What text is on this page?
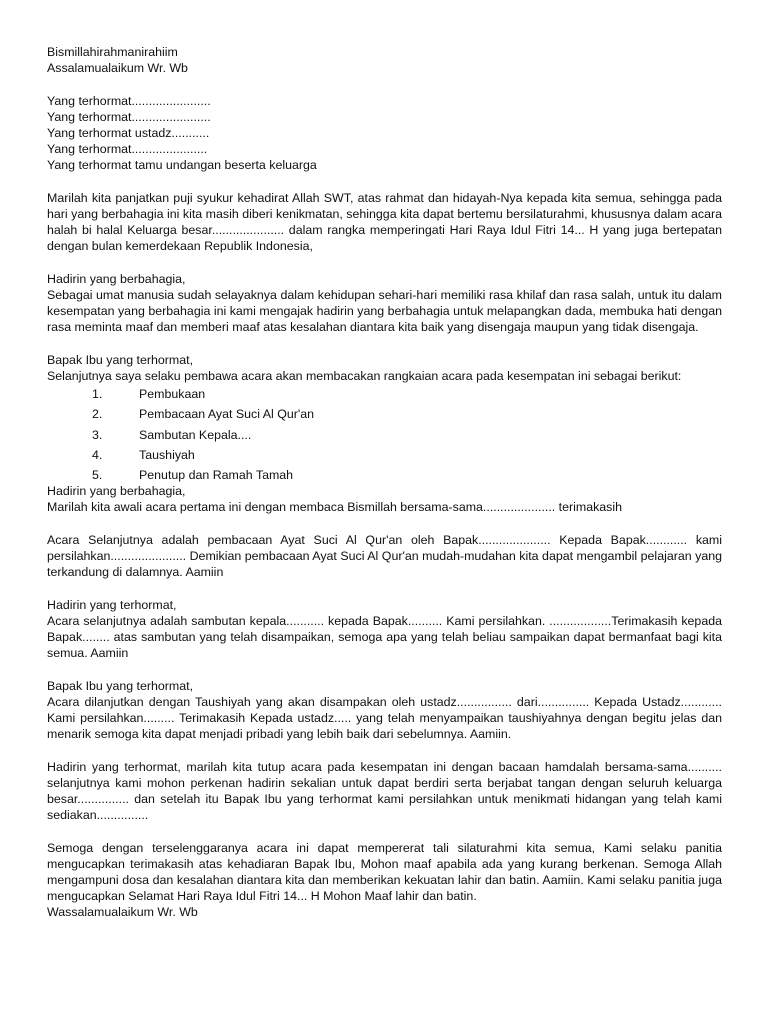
Bismillahirahmanirahiim

Assalamualaikum Wr. Wb

Yang terhormat.......................

Yang terhormat.......................

Yang terhormat ustadz...........

Yang terhormat......................

Yang terhormat tamu undangan beserta keluarga

Marilah kita panjatkan puji syukur kehadirat Allah SWT, atas rahmat dan hidayah-Nya kepada kita semua, sehingga pada hari yang berbahagia ini kita masih diberi kenikmatan, sehingga kita dapat bertemu bersilaturahmi, khususnya dalam acara halah bi halal Keluarga besar..................... dalam rangka memperingati Hari Raya Idul Fitri 14... H yang juga bertepatan dengan bulan kemerdekaan Republik Indonesia,

Hadirin yang berbahagia,

Sebagai umat manusia sudah selayaknya dalam kehidupan sehari-hari memiliki rasa khilaf dan rasa salah, untuk itu dalam kesempatan yang berbahagia ini kami mengajak hadirin yang berbahagia untuk melapangkan dada, membuka hati dengan rasa meminta maaf dan memberi maaf atas kesalahan diantara kita baik yang disengaja maupun yang tidak disengaja.

Bapak Ibu yang terhormat,

Selanjutnya saya selaku pembawa acara akan membacakan rangkaian acara pada kesempatan ini sebagai berikut:

1.	Pembukaan
2.	Pembacaan Ayat Suci Al Qur'an
3.	Sambutan Kepala....
4.	Taushiyah
5.	Penutup dan Ramah Tamah

Hadirin yang berbahagia,

Marilah kita awali acara pertama ini dengan membaca Bismillah bersama-sama..................... terimakasih

Acara Selanjutnya adalah pembacaan Ayat Suci Al Qur'an oleh Bapak..................... Kepada Bapak............ kami persilahkan...................... Demikian pembacaan Ayat Suci Al Qur'an mudah-mudahan kita dapat mengambil pelajaran yang terkandung di dalamnya. Aamiin

Hadirin yang terhormat,

Acara selanjutnya adalah sambutan kepala........... kepada Bapak.......... Kami persilahkan. ..................Terimakasih kepada Bapak........ atas sambutan yang telah disampaikan, semoga apa yang telah beliau sampaikan dapat bermanfaat bagi kita semua. Aamiin

Bapak Ibu yang terhormat,

Acara dilanjutkan dengan Taushiyah yang akan disampakan oleh ustadz................ dari............... Kepada Ustadz............ Kami persilahkan......... Terimakasih Kepada ustadz..... yang telah menyampaikan taushiyahnya dengan begitu jelas dan menarik semoga kita dapat menjadi pribadi yang lebih baik dari sebelumnya. Aamiin.

Hadirin yang terhormat, marilah kita tutup acara pada kesempatan ini dengan bacaan hamdalah bersama-sama.......... selanjutnya kami mohon perkenan hadirin sekalian untuk dapat berdiri serta berjabat tangan dengan seluruh keluarga besar............... dan setelah itu Bapak Ibu yang terhormat kami persilahkan untuk menikmati hidangan yang telah kami sediakan...............

Semoga dengan terselenggaranya acara ini dapat mempererat tali silaturahmi kita semua, Kami selaku panitia mengucapkan terimakasih atas kehadiaran Bapak Ibu, Mohon maaf apabila ada yang kurang berkenan. Semoga Allah mengampuni dosa dan kesalahan diantara kita dan memberikan kekuatan lahir dan batin. Aamiin. Kami selaku panitia juga mengucapkan Selamat Hari Raya Idul Fitri 14... H Mohon Maaf lahir dan batin.

Wassalamualaikum Wr. Wb
